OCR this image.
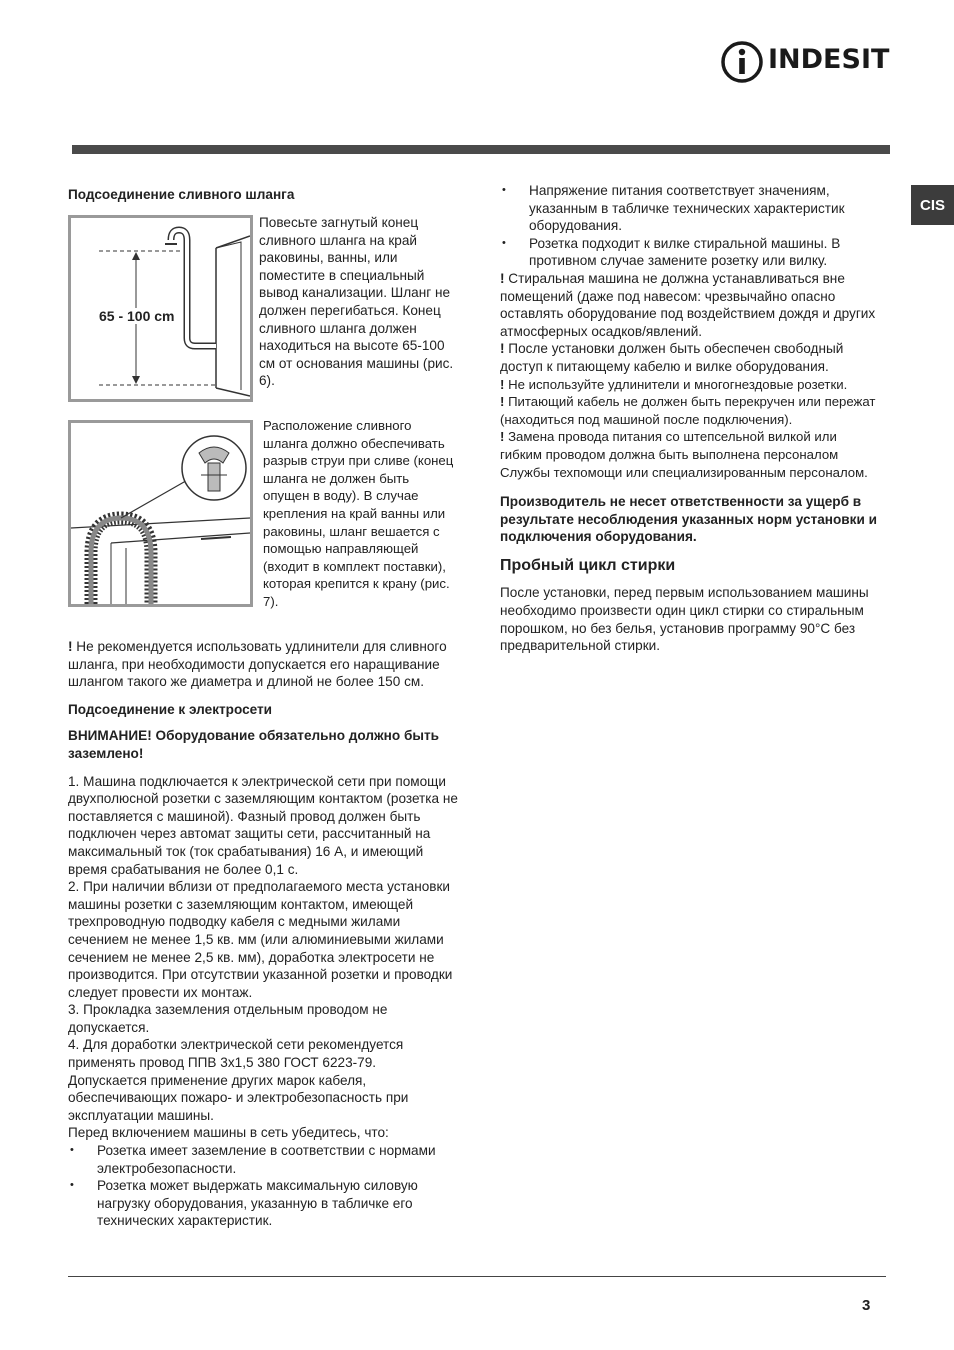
INDESIT
CIS

Подсоединение сливного шланга

65 - 100 cm
Повесьте загнутый конец сливного шланга на край раковины, ванны, или поместите в специальный вывод канализации. Шланг не должен перегибаться. Конец сливного шланга должен находиться на высоте 65-100 см от основания машины (рис. 6).
Расположение сливного шланга должно обеспечивать разрыв струи при сливе (конец шланга не должен быть опущен в воду). В случае крепления на край ванны или раковины, шланг вешается с помощью направляющей (входит в комплект поставки), которая крепится к крану (рис. 7).

! Не рекомендуется использовать удлинители для сливного шланга, при необходимости допускается его наращивание шлангом такого же диаметра и длиной не более 150 см.

Подсоединение к электросети

ВНИМАНИЕ! Оборудование обязательно должно быть заземлено!

1. Машина подключается к электрической сети при помощи двухполюсной розетки с заземляющим контактом (розетка не поставляется с машиной). Фазный провод должен быть подключен через автомат защиты сети, рассчитанный на максимальный ток (ток срабатывания) 16 А, и имеющий время срабатывания не более 0,1 с.

2. При наличии вблизи от предполагаемого места установки машины розетки с заземляющим контактом, имеющей трехпроводную подводку кабеля с медными жилами сечением не менее 1,5 кв. мм (или алюминиевыми жилами сечением не менее 2,5 кв. мм), доработка электросети не производится. При отсутствии указанной розетки и проводки следует провести их монтаж.

3. Прокладка заземления отдельным проводом не допускается.

4. Для доработки электрической сети рекомендуется применять провод ППВ 3х1,5 380 ГОСТ 6223-79. Допускается применение других марок кабеля, обеспечивающих пожаро- и электробезопасность при эксплуатации машины.

Перед включением машины в сеть убедитесь, что:

• Розетка имеет заземление в соответствии с нормами электробезопасности.
• Розетка может выдержать максимальную силовую нагрузку оборудования, указанную в табличке его технических характеристик.
• Напряжение питания соответствует значениям, указанным в табличке технических характеристик оборудования.
• Розетка подходит к вилке стиральной машины. В противном случае замените розетку или вилку.

! Стиральная машина не должна устанавливаться вне помещений (даже под навесом: чрезвычайно опасно оставлять оборудование под воздействием дождя и других атмосферных осадков/явлений.

! После установки должен быть обеспечен свободный доступ к питающему кабелю и вилке оборудования.

! Не используйте удлинители и многогнездовые розетки.

! Питающий кабель не должен быть перекручен или пережат (находиться под машиной после подключения).

! Замена провода питания со штепсельной вилкой или гибким проводом должна быть выполнена персоналом Службы техпомощи или специализированным персоналом.

Производитель не несет ответственности за ущерб в результате несоблюдения указанных норм установки и подключения оборудования.

Пробный цикл стирки

После установки, перед первым использованием машины необходимо произвести один цикл стирки со стиральным порошком, но без белья, установив программу 90°С без предварительной стирки.

3
